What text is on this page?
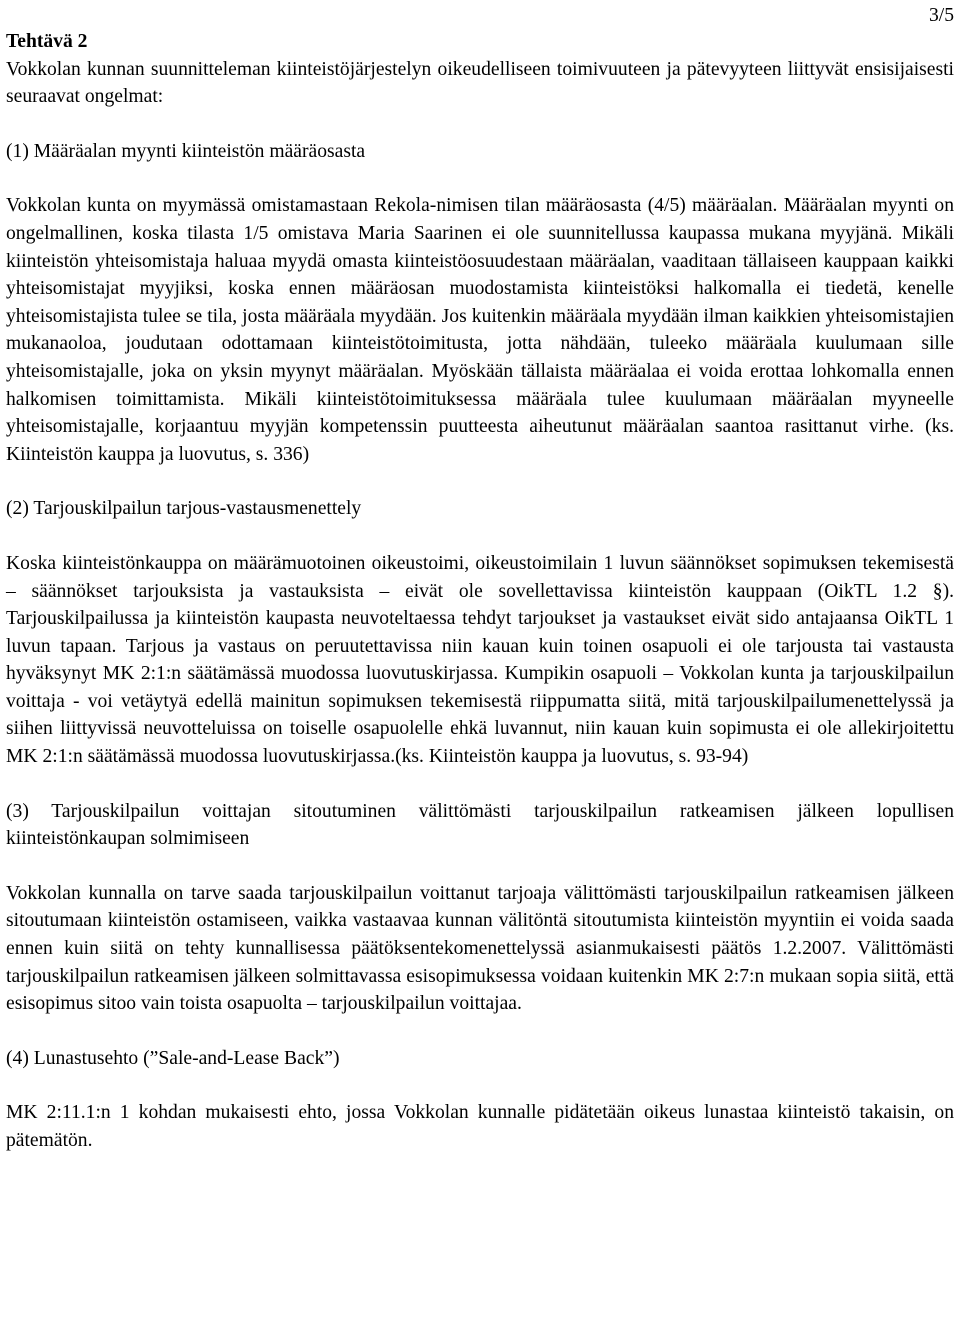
3/5

Tehtävä 2

Vokkolan kunnan suunnitteleman kiinteistöjärjestelyn oikeudelliseen toimivuuteen ja pätevyyteen liittyvät ensisijaisesti seuraavat ongelmat:

(1) Määräalan myynti kiinteistön määräosasta

Vokkolan kunta on myymässä omistamastaan Rekola-nimisen tilan määräosasta (4/5) määräalan. Määräalan myynti on ongelmallinen, koska tilasta 1/5 omistava Maria Saarinen ei ole suunnitellussa kaupassa mukana myyjänä. Mikäli kiinteistön yhteisomistaja haluaa myydä omasta kiinteistöosuudestaan määräalan, vaaditaan tällaiseen kauppaan kaikki yhteisomistajat myyjiksi, koska ennen määräosan muodostamista kiinteistöksi halkomalla ei tiedetä, kenelle yhteisomistajista tulee se tila, josta määräala myydään. Jos kuitenkin määräala myydään ilman kaikkien yhteisomistajien mukanaoloa, joudutaan odottamaan kiinteistötoimitusta, jotta nähdään, tuleeko määräala kuulumaan sille yhteisomistajalle, joka on yksin myynyt määräalan. Myöskään tällaista määräalaa ei voida erottaa lohkomalla ennen halkomisen toimittamista. Mikäli kiinteistötoimituksessa määräala tulee kuulumaan määräalan myyneelle yhteisomistajalle, korjaantuu myyjän kompetenssin puutteesta aiheutunut määräalan saantoa rasittanut virhe. (ks. Kiinteistön kauppa ja luovutus, s. 336)

(2) Tarjouskilpailun tarjous-vastausmenettely

Koska kiinteistönkauppa on määrämuotoinen oikeustoimi, oikeustoimilain 1 luvun säännökset sopimuksen tekemisestä – säännökset tarjouksista ja vastauksista – eivät ole sovellettavissa kiinteistön kauppaan (OikTL 1.2 §). Tarjouskilpailussa ja kiinteistön kaupasta neuvoteltaessa tehdyt tarjoukset ja vastaukset eivät sido antajaansa OikTL 1 luvun tapaan. Tarjous ja vastaus on peruutettavissa niin kauan kuin toinen osapuoli ei ole tarjousta tai vastausta hyväksynyt MK 2:1:n säätämässä muodossa luovutuskirjassa. Kumpikin osapuoli – Vokkolan kunta ja tarjouskilpailun voittaja - voi vetäytyä edellä mainitun sopimuksen tekemisestä riippumatta siitä, mitä tarjouskilpailumenettelyssä ja siihen liittyvissä neuvotteluissa on toiselle osapuolelle ehkä luvannut, niin kauan kuin sopimusta ei ole allekirjoitettu MK 2:1:n säätämässä muodossa luovutuskirjassa.(ks. Kiinteistön kauppa ja luovutus, s. 93-94)

(3) Tarjouskilpailun voittajan sitoutuminen välittömästi tarjouskilpailun ratkeamisen jälkeen lopullisen kiinteistönkaupan solmimiseen

Vokkolan kunnalla on tarve saada tarjouskilpailun voittanut tarjoaja välittömästi tarjouskilpailun ratkeamisen jälkeen sitoutumaan kiinteistön ostamiseen, vaikka vastaavaa kunnan välitöntä sitoutumista kiinteistön myyntiin ei voida saada ennen kuin siitä on tehty kunnallisessa päätöksentekomenettelyssä asianmukaisesti päätös 1.2.2007. Välittömästi tarjouskilpailun ratkeamisen jälkeen solmittavassa esisopimuksessa voidaan kuitenkin MK 2:7:n mukaan sopia siitä, että esisopimus sitoo vain toista osapuolta – tarjouskilpailun voittajaa.

(4) Lunastusehto (”Sale-and-Lease Back”)

MK 2:11.1:n 1 kohdan mukaisesti ehto, jossa Vokkolan kunnalle pidätetään oikeus lunastaa kiinteistö takaisin, on pätemätön.
